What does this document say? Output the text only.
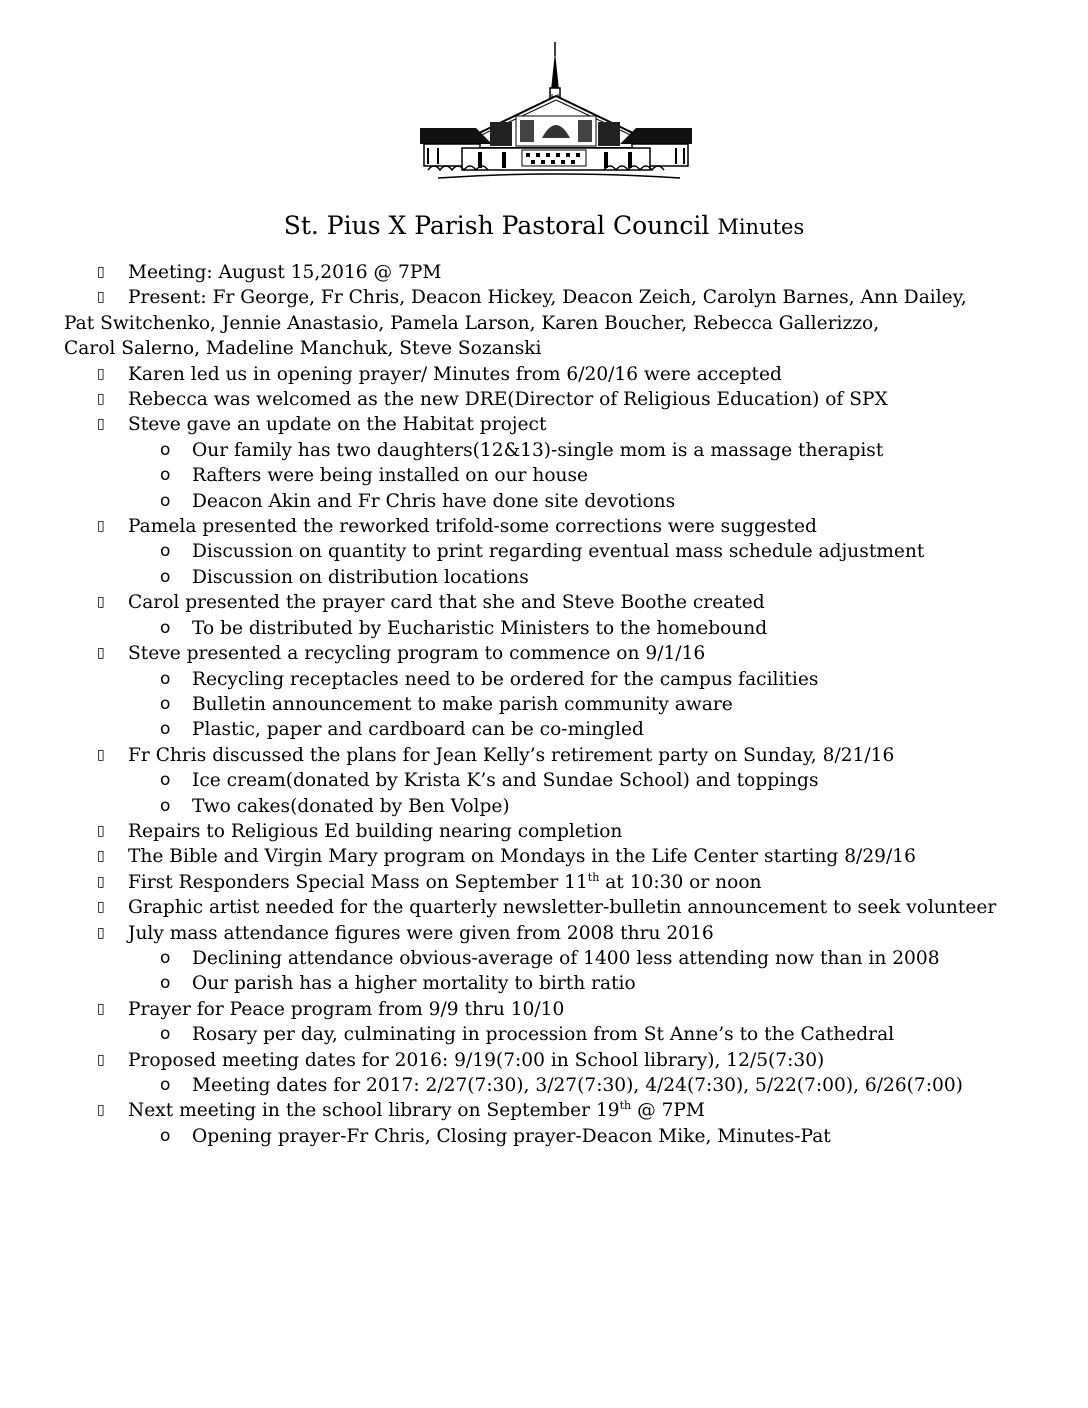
St. Pius X Parish Pastoral Council Minutes
▯ Meeting: August 15,2016 @ 7PM
▯ Present: Fr George, Fr Chris, Deacon Hickey, Deacon Zeich, Carolyn Barnes, Ann Dailey,
Pat Switchenko, Jennie Anastasio, Pamela Larson, Karen Boucher, Rebecca Gallerizzo,
Carol Salerno, Madeline Manchuk, Steve Sozanski
▯ Karen led us in opening prayer/ Minutes from 6/20/16 were accepted
▯ Rebecca was welcomed as the new DRE(Director of Religious Education) of SPX
▯ Steve gave an update on the Habitat project
o Our family has two daughters(12&13)-single mom is a massage therapist
o Rafters were being installed on our house
o Deacon Akin and Fr Chris have done site devotions
▯ Pamela presented the reworked trifold-some corrections were suggested
o Discussion on quantity to print regarding eventual mass schedule adjustment
o Discussion on distribution locations
▯ Carol presented the prayer card that she and Steve Boothe created
o To be distributed by Eucharistic Ministers to the homebound
▯ Steve presented a recycling program to commence on 9/1/16
o Recycling receptacles need to be ordered for the campus facilities
o Bulletin announcement to make parish community aware
o Plastic, paper and cardboard can be co-mingled
▯ Fr Chris discussed the plans for Jean Kelly’s retirement party on Sunday, 8/21/16
o Ice cream(donated by Krista K’s and Sundae School) and toppings
o Two cakes(donated by Ben Volpe)
▯ Repairs to Religious Ed building nearing completion
▯ The Bible and Virgin Mary program on Mondays in the Life Center starting 8/29/16
▯ First Responders Special Mass on September 11th at 10:30 or noon
▯ Graphic artist needed for the quarterly newsletter-bulletin announcement to seek volunteer
▯ July mass attendance figures were given from 2008 thru 2016
o Declining attendance obvious-average of 1400 less attending now than in 2008
o Our parish has a higher mortality to birth ratio
▯ Prayer for Peace program from 9/9 thru 10/10
o Rosary per day, culminating in procession from St Anne’s to the Cathedral
▯ Proposed meeting dates for 2016: 9/19(7:00 in School library), 12/5(7:30)
o Meeting dates for 2017: 2/27(7:30), 3/27(7:30), 4/24(7:30), 5/22(7:00), 6/26(7:00)
▯ Next meeting in the school library on September 19th @ 7PM
o Opening prayer-Fr Chris, Closing prayer-Deacon Mike, Minutes-Pat
